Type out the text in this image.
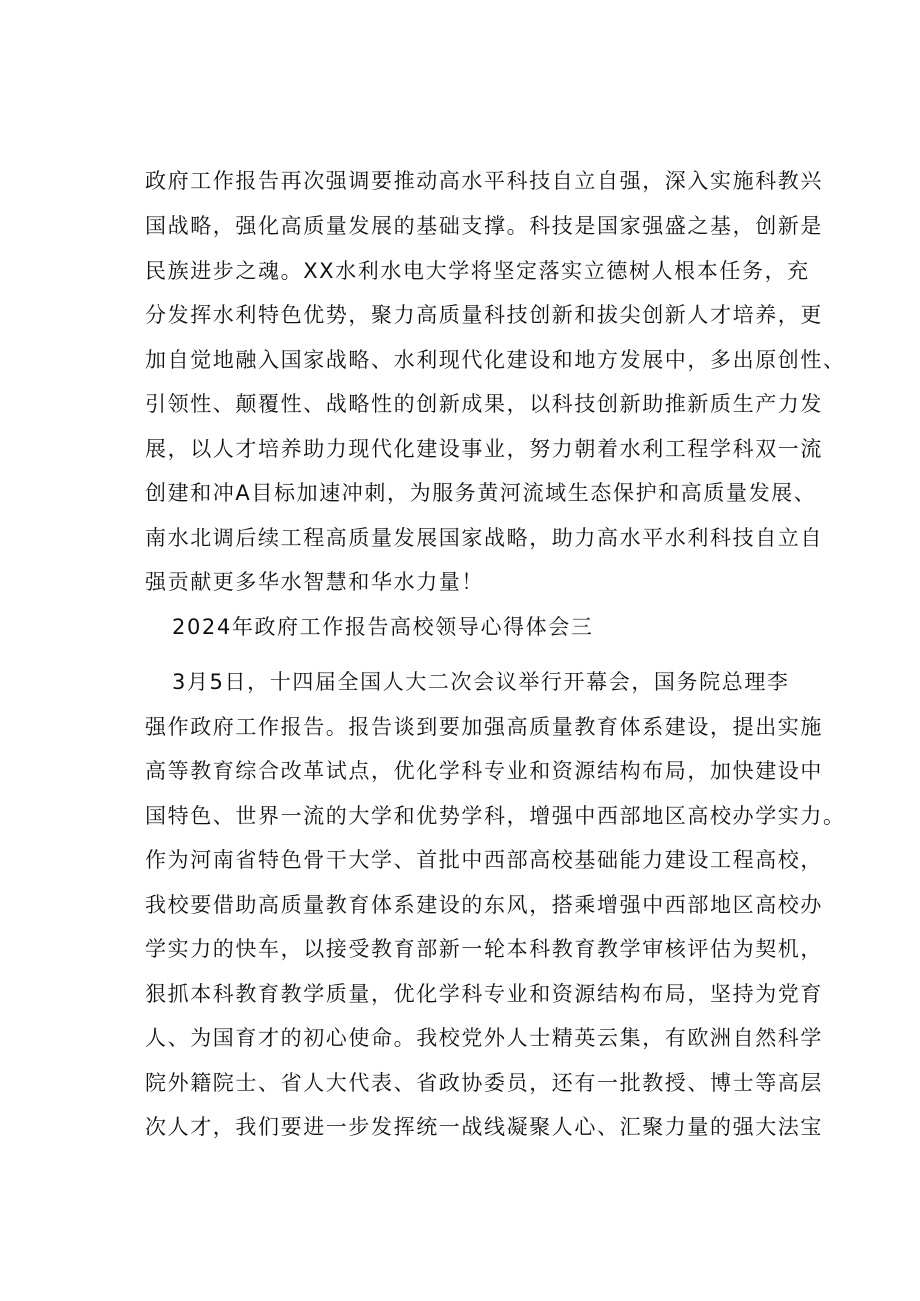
政府工作报告再次强调要推动高水平科技自立自强，深入实施科教兴
国战略，强化高质量发展的基础支撑。科技是国家强盛之基，创新是
民族进步之魂。XX水利水电大学将坚定落实立德树人根本任务，充
分发挥水利特色优势，聚力高质量科技创新和拔尖创新人才培养，更
加自觉地融入国家战略、水利现代化建设和地方发展中，多出原创性、
引领性、颠覆性、战略性的创新成果，以科技创新助推新质生产力发
展，以人才培养助力现代化建设事业，努力朝着水利工程学科双一流
创建和冲A目标加速冲刺，为服务黄河流域生态保护和高质量发展、
南水北调后续工程高质量发展国家战略，助力高水平水利科技自立自
强贡献更多华水智慧和华水力量！
2024年政府工作报告高校领导心得体会三
3月5日，十四届全国人大二次会议举行开幕会，国务院总理李
强作政府工作报告。报告谈到要加强高质量教育体系建设，提出实施
高等教育综合改革试点，优化学科专业和资源结构布局，加快建设中
国特色、世界一流的大学和优势学科，增强中西部地区高校办学实力。
作为河南省特色骨干大学、首批中西部高校基础能力建设工程高校，
我校要借助高质量教育体系建设的东风，搭乘增强中西部地区高校办
学实力的快车，以接受教育部新一轮本科教育教学审核评估为契机，
狠抓本科教育教学质量，优化学科专业和资源结构布局，坚持为党育
人、为国育才的初心使命。我校党外人士精英云集，有欧洲自然科学
院外籍院士、省人大代表、省政协委员，还有一批教授、博士等高层
次人才，我们要进一步发挥统一战线凝聚人心、汇聚力量的强大法宝
